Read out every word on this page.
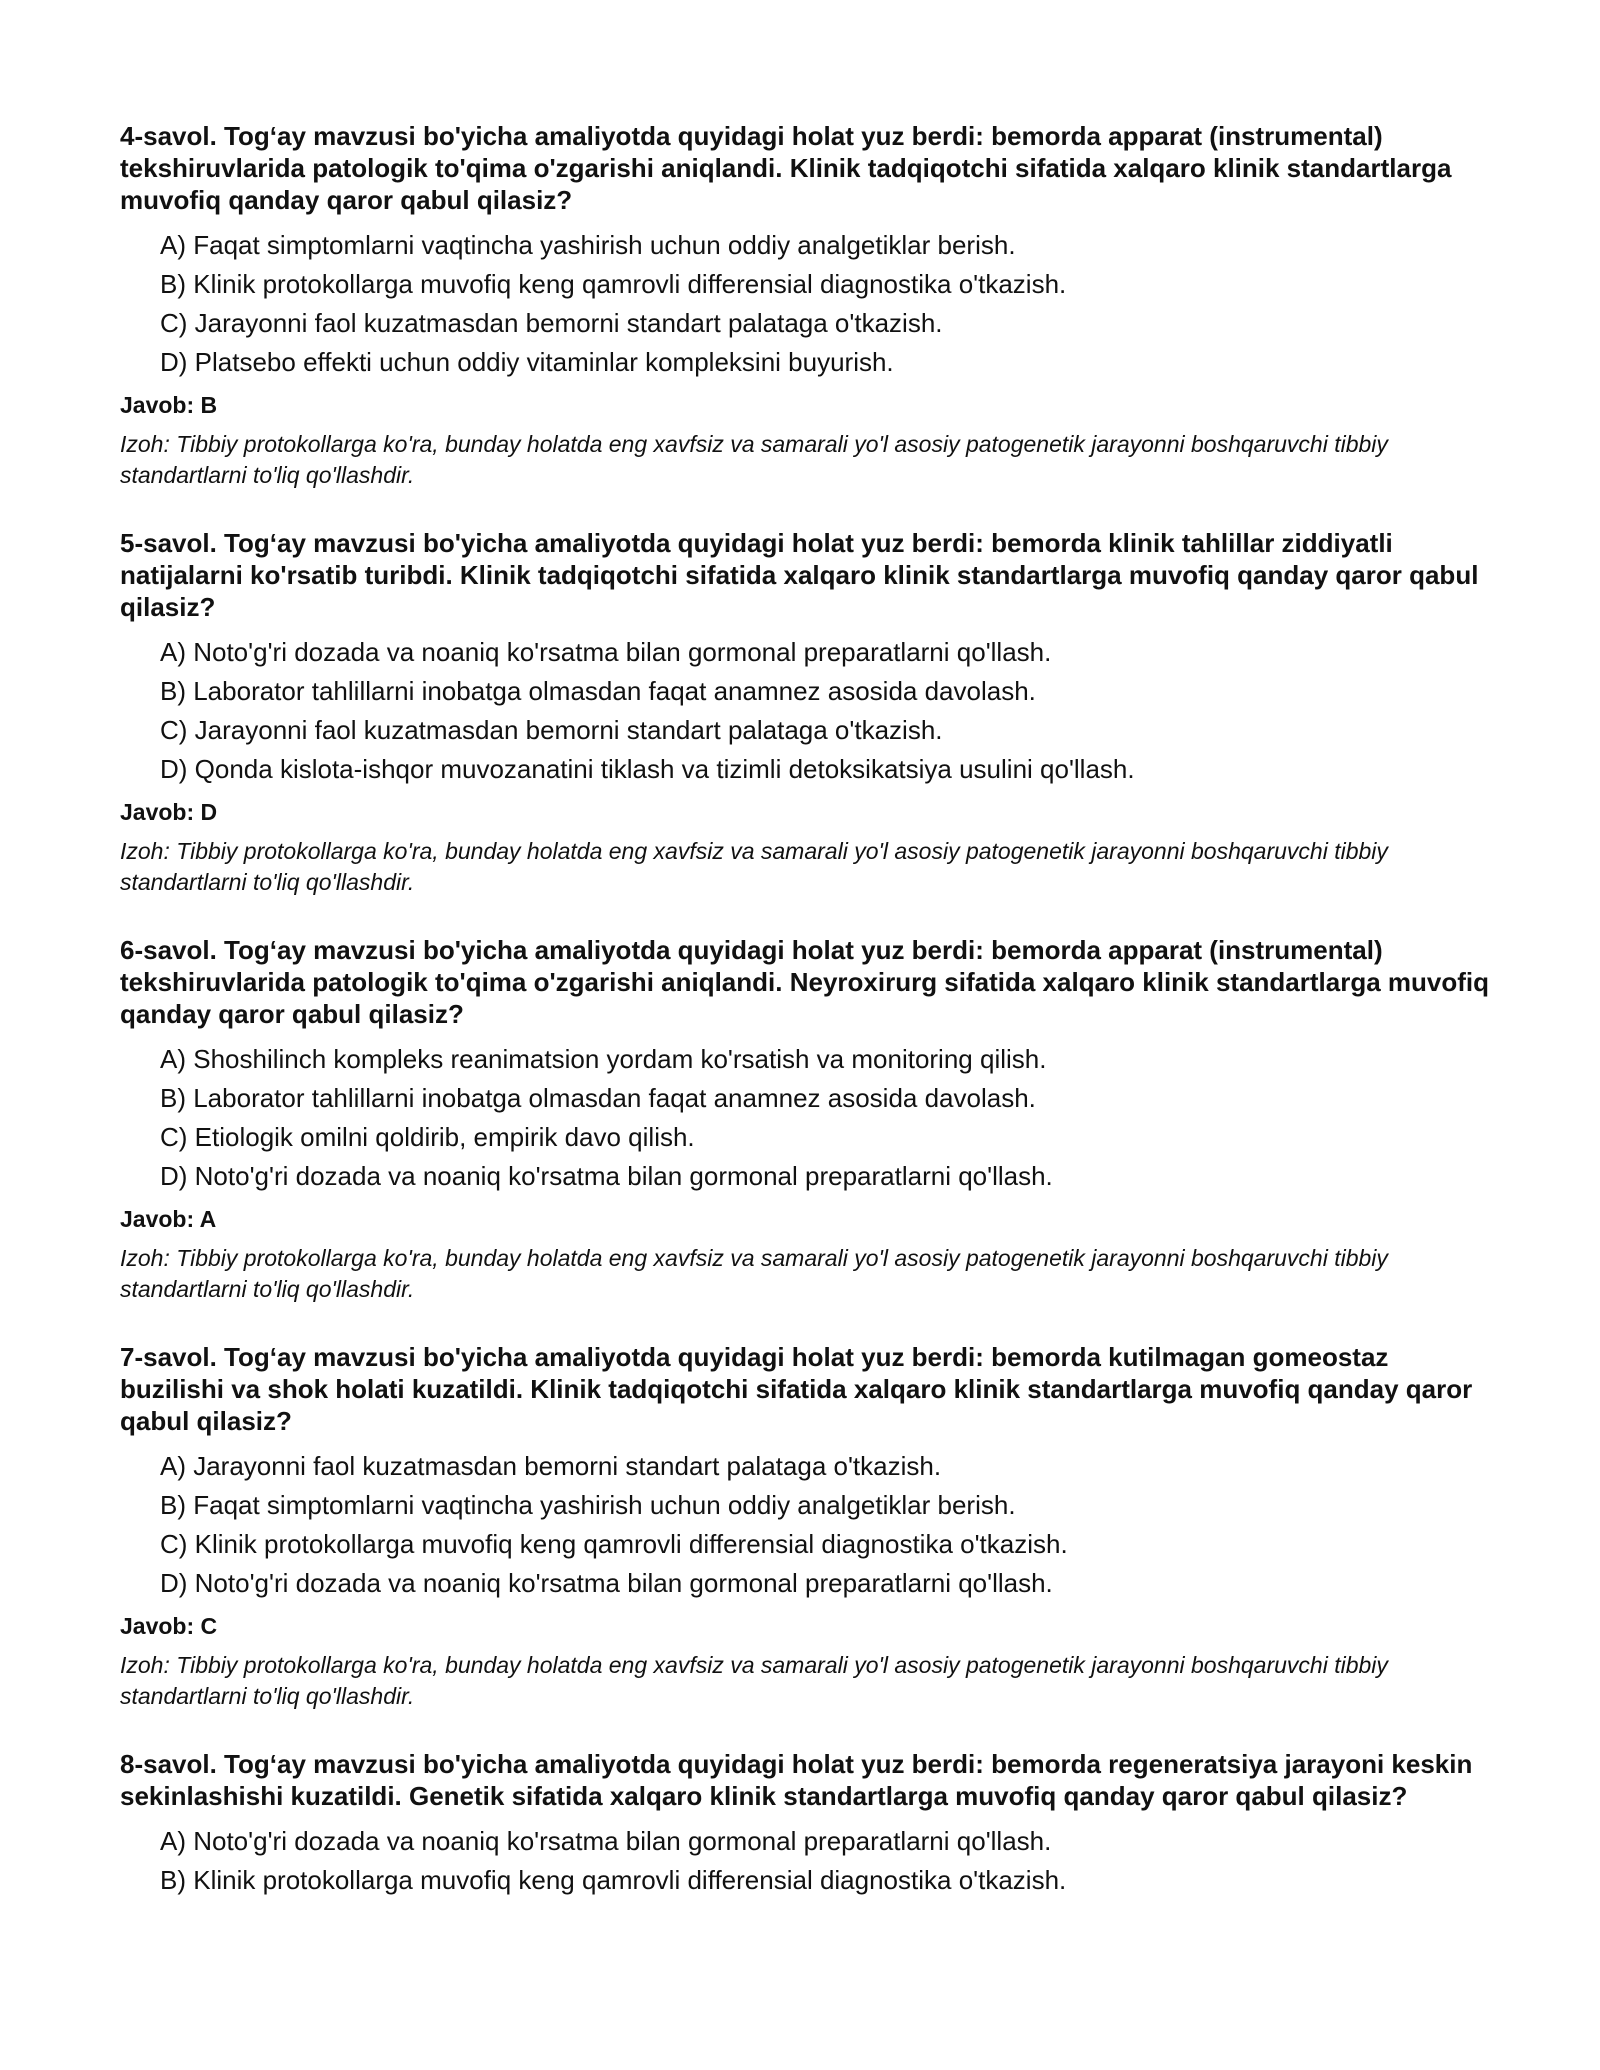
4-savol. Tog‘ay mavzusi bo'yicha amaliyotda quyidagi holat yuz berdi: bemorda apparat (instrumental) tekshiruvlarida patologik to'qima o'zgarishi aniqlandi. Klinik tadqiqotchi sifatida xalqaro klinik standartlarga muvofiq qanday qaror qabul qilasiz?

A) Faqat simptomlarni vaqtincha yashirish uchun oddiy analgetiklar berish.

B) Klinik protokollarga muvofiq keng qamrovli differensial diagnostika o'tkazish.

C) Jarayonni faol kuzatmasdan bemorni standart palataga o'tkazish.

D) Platsebo effekti uchun oddiy vitaminlar kompleksini buyurish.

Javob: B

Izoh: Tibbiy protokollarga ko'ra, bunday holatda eng xavfsiz va samarali yo'l asosiy patogenetik jarayonni boshqaruvchi tibbiy standartlarni to'liq qo'llashdir.

5-savol. Tog‘ay mavzusi bo'yicha amaliyotda quyidagi holat yuz berdi: bemorda klinik tahlillar ziddiyatli natijalarni ko'rsatib turibdi. Klinik tadqiqotchi sifatida xalqaro klinik standartlarga muvofiq qanday qaror qabul qilasiz?

A) Noto'g'ri dozada va noaniq ko'rsatma bilan gormonal preparatlarni qo'llash.

B) Laborator tahlillarni inobatga olmasdan faqat anamnez asosida davolash.

C) Jarayonni faol kuzatmasdan bemorni standart palataga o'tkazish.

D) Qonda kislota-ishqor muvozanatini tiklash va tizimli detoksikatsiya usulini qo'llash.

Javob: D

Izoh: Tibbiy protokollarga ko'ra, bunday holatda eng xavfsiz va samarali yo'l asosiy patogenetik jarayonni boshqaruvchi tibbiy standartlarni to'liq qo'llashdir.

6-savol. Tog‘ay mavzusi bo'yicha amaliyotda quyidagi holat yuz berdi: bemorda apparat (instrumental) tekshiruvlarida patologik to'qima o'zgarishi aniqlandi. Neyroxirurg sifatida xalqaro klinik standartlarga muvofiq qanday qaror qabul qilasiz?

A) Shoshilinch kompleks reanimatsion yordam ko'rsatish va monitoring qilish.

B) Laborator tahlillarni inobatga olmasdan faqat anamnez asosida davolash.

C) Etiologik omilni qoldirib, empirik davo qilish.

D) Noto'g'ri dozada va noaniq ko'rsatma bilan gormonal preparatlarni qo'llash.

Javob: A

Izoh: Tibbiy protokollarga ko'ra, bunday holatda eng xavfsiz va samarali yo'l asosiy patogenetik jarayonni boshqaruvchi tibbiy standartlarni to'liq qo'llashdir.

7-savol. Tog‘ay mavzusi bo'yicha amaliyotda quyidagi holat yuz berdi: bemorda kutilmagan gomeostaz buzilishi va shok holati kuzatildi. Klinik tadqiqotchi sifatida xalqaro klinik standartlarga muvofiq qanday qaror qabul qilasiz?

A) Jarayonni faol kuzatmasdan bemorni standart palataga o'tkazish.

B) Faqat simptomlarni vaqtincha yashirish uchun oddiy analgetiklar berish.

C) Klinik protokollarga muvofiq keng qamrovli differensial diagnostika o'tkazish.

D) Noto'g'ri dozada va noaniq ko'rsatma bilan gormonal preparatlarni qo'llash.

Javob: C

Izoh: Tibbiy protokollarga ko'ra, bunday holatda eng xavfsiz va samarali yo'l asosiy patogenetik jarayonni boshqaruvchi tibbiy standartlarni to'liq qo'llashdir.

8-savol. Tog‘ay mavzusi bo'yicha amaliyotda quyidagi holat yuz berdi: bemorda regeneratsiya jarayoni keskin sekinlashishi kuzatildi. Genetik sifatida xalqaro klinik standartlarga muvofiq qanday qaror qabul qilasiz?

A) Noto'g'ri dozada va noaniq ko'rsatma bilan gormonal preparatlarni qo'llash.

B) Klinik protokollarga muvofiq keng qamrovli differensial diagnostika o'tkazish.
